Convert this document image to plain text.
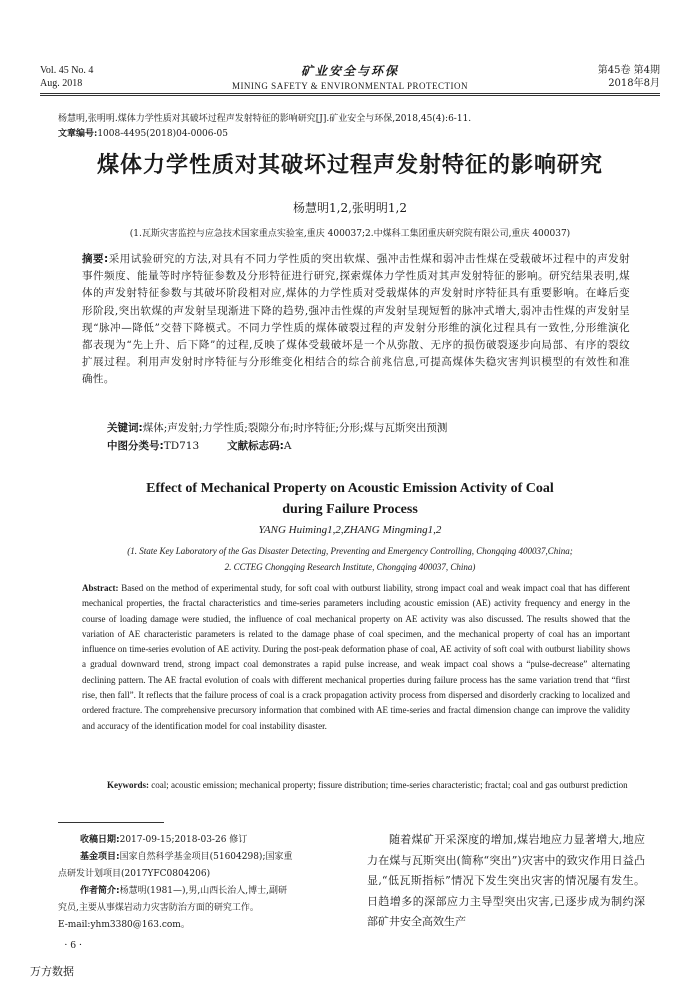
Vol. 45 No. 4
Aug. 2018
矿业安全与环保
MINING SAFETY & ENVIRONMENTAL PROTECTION
第45卷 第4期
2018年8月
杨慧明,张明明.煤体力学性质对其破坏过程声发射特征的影响研究[J].矿业安全与环保,2018,45(4):6-11.
文章编号:1008-4495(2018)04-0006-05
煤体力学性质对其破坏过程声发射特征的影响研究
杨慧明1,2,张明明1,2
(1.瓦斯灾害监控与应急技术国家重点实验室,重庆 400037;2.中煤科工集团重庆研究院有限公司,重庆 400037)
摘要:采用试验研究的方法,对具有不同力学性质的突出软煤、强冲击性煤和弱冲击性煤在受载破坏过程中的声发射事件频度、能量等时序特征参数及分形特征进行研究,探索煤体力学性质对其声发射特征的影响。研究结果表明,煤体的声发射特征参数与其破坏阶段相对应,煤体的力学性质对受载煤体的声发射时序特征具有重要影响。在峰后变形阶段,突出软煤的声发射呈现渐进下降的趋势,强冲击性煤的声发射呈现短暂的脉冲式增大,弱冲击性煤的声发射呈现“脉冲—降低”交替下降模式。不同力学性质的煤体破裂过程的声发射分形维的演化过程具有一致性,分形维演化都表现为“先上升、后下降”的过程,反映了煤体受载破坏是一个从弥散、无序的损伤破裂逐步向局部、有序的裂纹扩展过程。利用声发射时序特征与分形维变化相结合的综合前兆信息,可提高煤体失稳灾害判识模型的有效性和准确性。
关键词:煤体;声发射;力学性质;裂隙分布;时序特征;分形;煤与瓦斯突出预测
中图分类号:TD713	文献标志码:A
Effect of Mechanical Property on Acoustic Emission Activity of Coal
during Failure Process
YANG Huiming1,2,ZHANG Mingming1,2
(1. State Key Laboratory of the Gas Disaster Detecting, Preventing and Emergency Controlling, Chongqing 400037,China;
2. CCTEG Chongqing Research Institute, Chongqing 400037, China)
Abstract: Based on the method of experimental study, for soft coal with outburst liability, strong impact coal and weak impact coal that has different mechanical properties, the fractal characteristics and time-series parameters including acoustic emission (AE) activity frequency and energy in the course of loading damage were studied, the influence of coal mechanical property on AE activity was also discussed. The results showed that the variation of AE characteristic parameters is related to the damage phase of coal specimen, and the mechanical property of coal has an important influence on time-series evolution of AE activity. During the post-peak deformation phase of coal, AE activity of soft coal with outburst liability shows a gradual downward trend, strong impact coal demonstrates a rapid pulse increase, and weak impact coal shows a “pulse-decrease” alternating declining pattern. The AE fractal evolution of coals with different mechanical properties during failure process has the same variation trend that “first rise, then fall”. It reflects that the failure process of coal is a crack propagation activity process from dispersed and disorderly cracking to localized and ordered fracture. The comprehensive precursory information that combined with AE time-series and fractal dimension change can improve the validity and accuracy of the identification model for coal instability disaster.
Keywords: coal; acoustic emission; mechanical property; fissure distribution; time-series characteristic; fractal; coal and gas outburst prediction

收稿日期:2017-09-15;2018-03-26 修订

基金项目:国家自然科学基金项目(51604298);国家重

点研发计划项目(2017YFC0804206)

作者简介:杨慧明(1981—),男,山西长治人,博士,副研

究员,主要从事煤岩动力灾害防治方面的研究工作。

E-mail:yhm3380@163.com。

随着煤矿开采深度的增加,煤岩地应力显著增大,地应力在煤与瓦斯突出(简称“突出”)灾害中的致灾作用日益凸显,“低瓦斯指标”情况下发生突出灾害的情况屡有发生。日趋增多的深部应力主导型突出灾害,已逐步成为制约深部矿井安全高效生产
· 6 ·
万方数据
